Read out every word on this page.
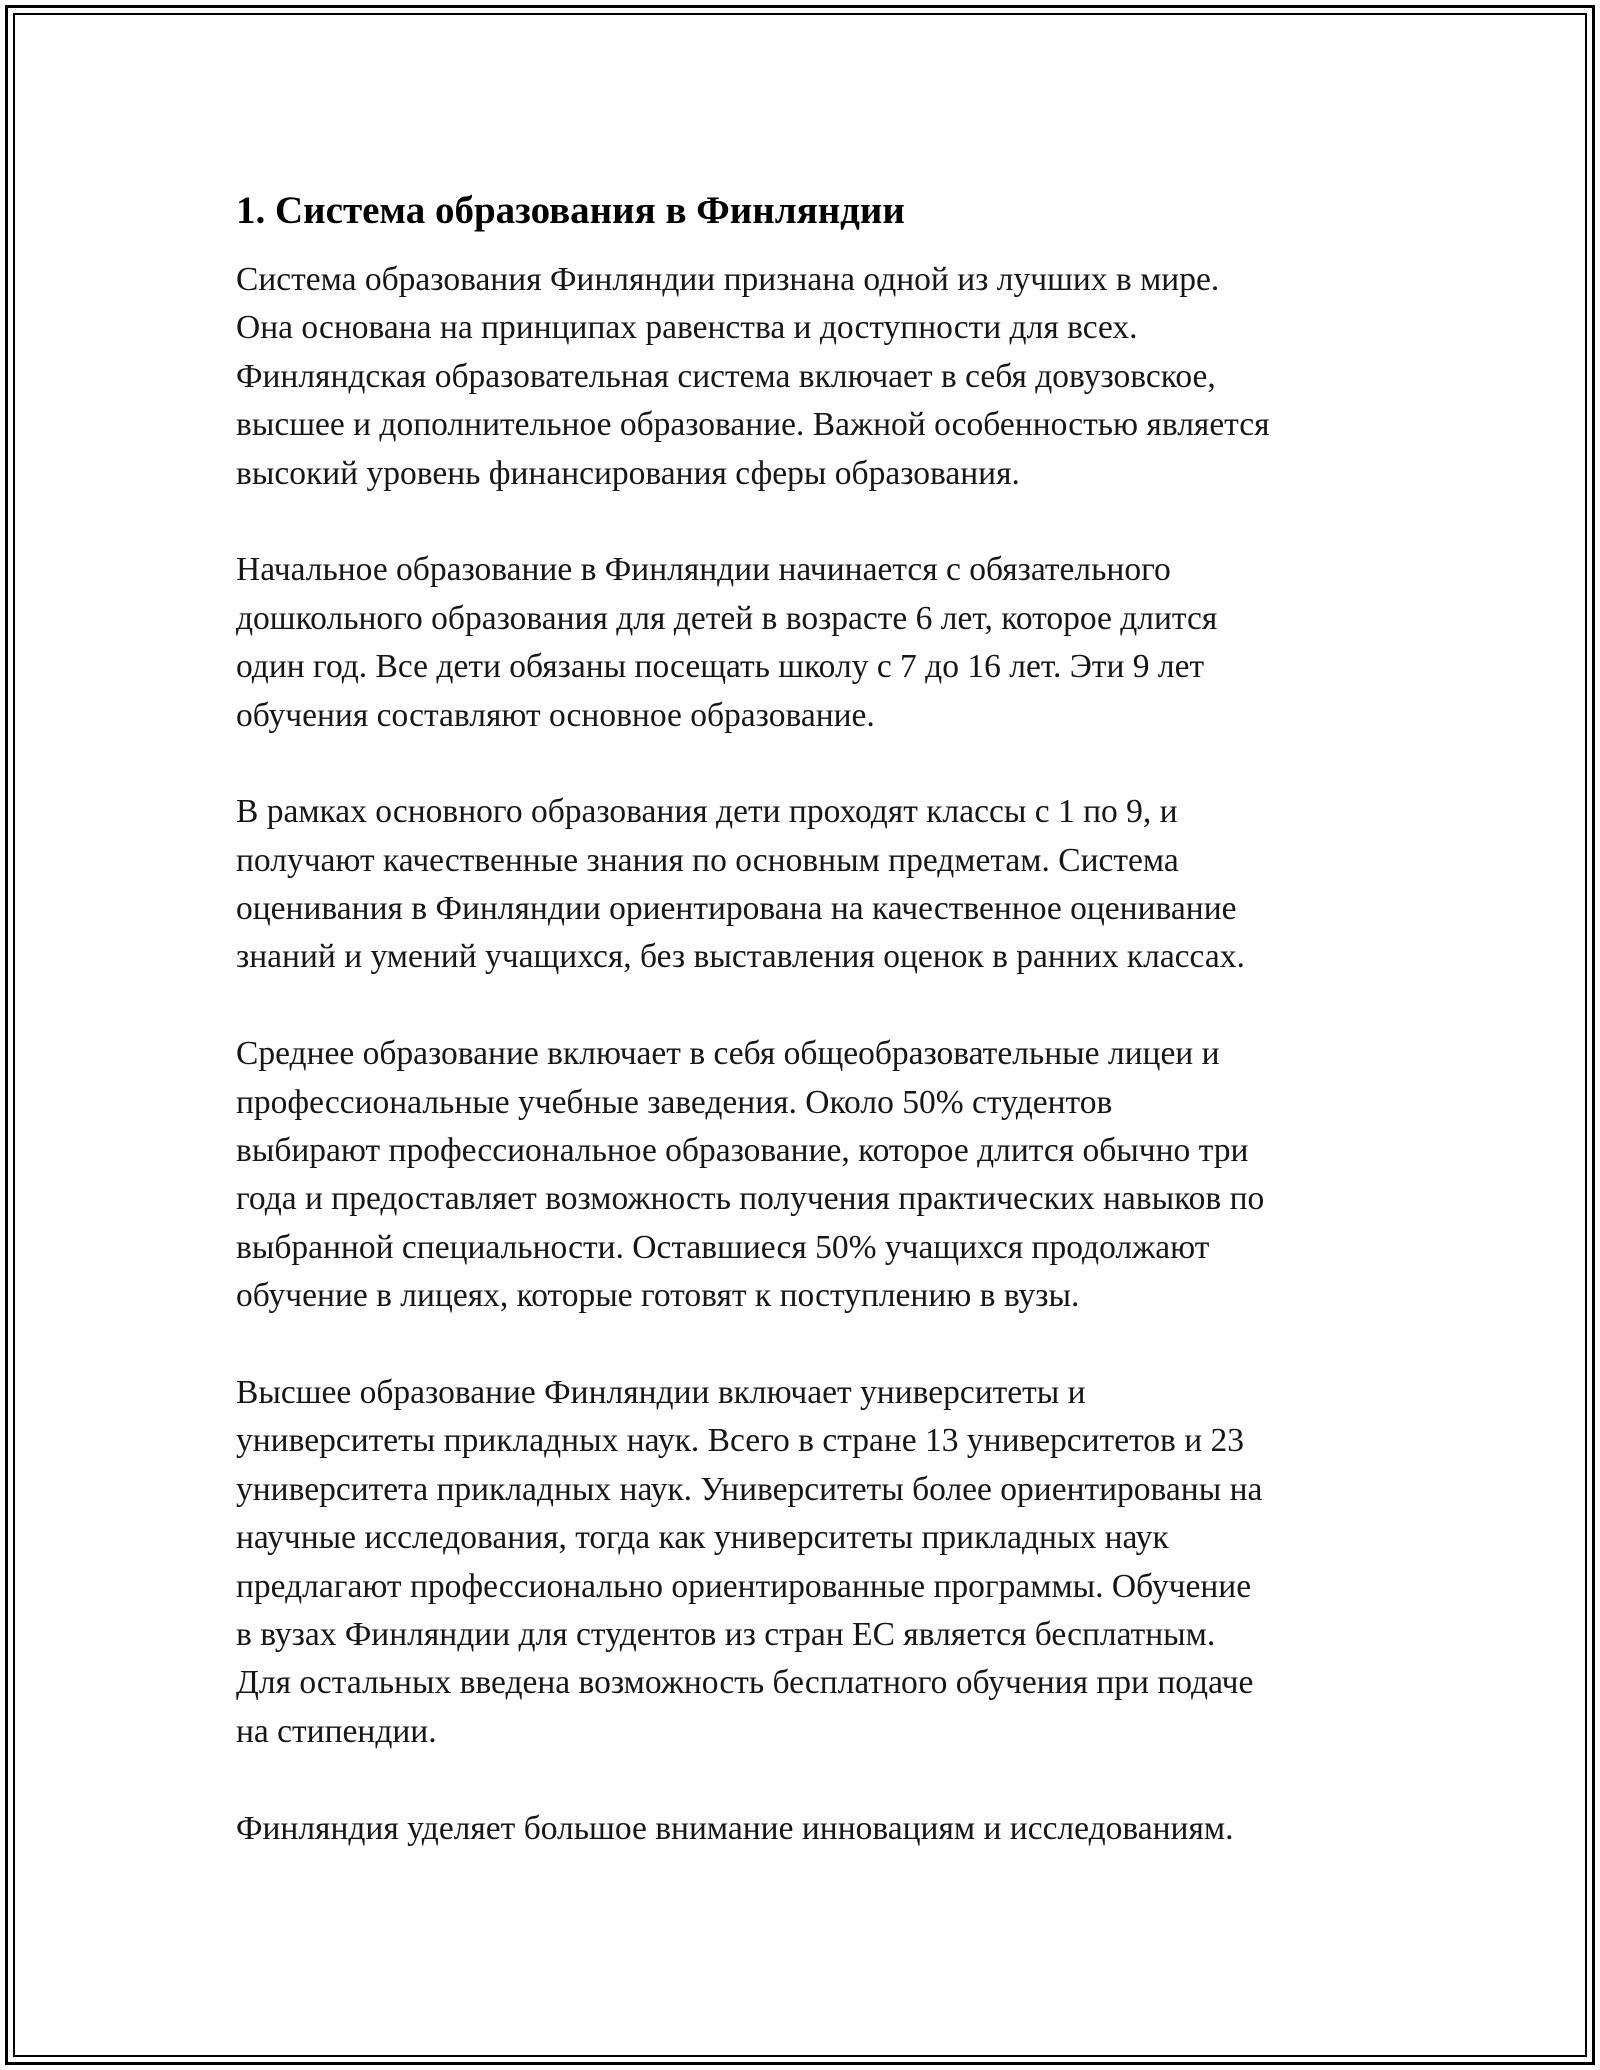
1. Система образования в Финляндии
Система образования Финляндии признана одной из лучших в мире.
Она основана на принципах равенства и доступности для всех.
Финляндская образовательная система включает в себя довузовское,
высшее и дополнительное образование. Важной особенностью является
высокий уровень финансирования сферы образования.
Начальное образование в Финляндии начинается с обязательного
дошкольного образования для детей в возрасте 6 лет, которое длится
один год. Все дети обязаны посещать школу с 7 до 16 лет. Эти 9 лет
обучения составляют основное образование.
В рамках основного образования дети проходят классы с 1 по 9, и
получают качественные знания по основным предметам. Система
оценивания в Финляндии ориентирована на качественное оценивание
знаний и умений учащихся, без выставления оценок в ранних классах.
Среднее образование включает в себя общеобразовательные лицеи и
профессиональные учебные заведения. Около 50% студентов
выбирают профессиональное образование, которое длится обычно три
года и предоставляет возможность получения практических навыков по
выбранной специальности. Оставшиеся 50% учащихся продолжают
обучение в лицеях, которые готовят к поступлению в вузы.
Высшее образование Финляндии включает университеты и
университеты прикладных наук. Всего в стране 13 университетов и 23
университета прикладных наук. Университеты более ориентированы на
научные исследования, тогда как университеты прикладных наук
предлагают профессионально ориентированные программы. Обучение
в вузах Финляндии для студентов из стран ЕС является бесплатным.
Для остальных введена возможность бесплатного обучения при подаче
на стипендии.
Финляндия уделяет большое внимание инновациям и исследованиям.
